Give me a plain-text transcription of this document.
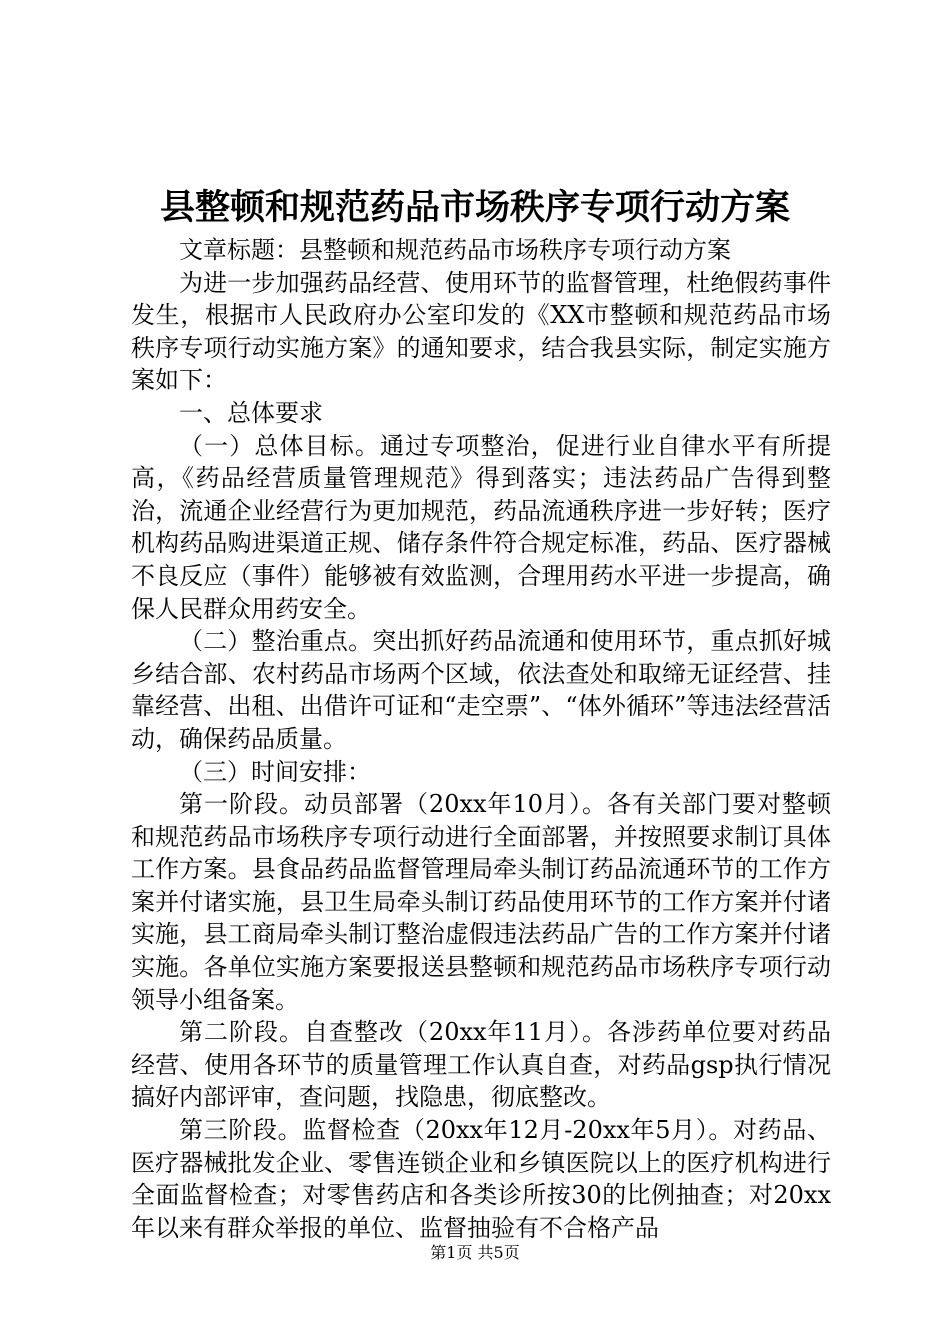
县整顿和规范药品市场秩序专项行动方案

文章标题：县整顿和规范药品市场秩序专项行动方案

为进一步加强药品经营、使用环节的监督管理，杜绝假药事件发生，根据市人民政府办公室印发的《XX市整顿和规范药品市场秩序专项行动实施方案》的通知要求，结合我县实际，制定实施方案如下：

一、总体要求

（一）总体目标。通过专项整治，促进行业自律水平有所提高，《药品经营质量管理规范》得到落实；违法药品广告得到整治，流通企业经营行为更加规范，药品流通秩序进一步好转；医疗机构药品购进渠道正规、储存条件符合规定标准，药品、医疗器械不良反应（事件）能够被有效监测，合理用药水平进一步提高，确保人民群众用药安全。

（二）整治重点。突出抓好药品流通和使用环节，重点抓好城乡结合部、农村药品市场两个区域，依法查处和取缔无证经营、挂靠经营、出租、出借许可证和“走空票”、“体外循环”等违法经营活动，确保药品质量。

（三）时间安排：

第一阶段。动员部署（20xx年10月）。各有关部门要对整顿和规范药品市场秩序专项行动进行全面部署，并按照要求制订具体工作方案。县食品药品监督管理局牵头制订药品流通环节的工作方案并付诸实施，县卫生局牵头制订药品使用环节的工作方案并付诸实施，县工商局牵头制订整治虚假违法药品广告的工作方案并付诸实施。各单位实施方案要报送县整顿和规范药品市场秩序专项行动领导小组备案。

第二阶段。自查整改（20xx年11月）。各涉药单位要对药品经营、使用各环节的质量管理工作认真自查，对药品gsp执行情况搞好内部评审，查问题，找隐患，彻底整改。

第三阶段。监督检查（20xx年12月-20xx年5月）。对药品、医疗器械批发企业、零售连锁企业和乡镇医院以上的医疗机构进行全面监督检查；对零售药店和各类诊所按30的比例抽查；对20xx年以来有群众举报的单位、监督抽验有不合格产品

第1页 共5页
